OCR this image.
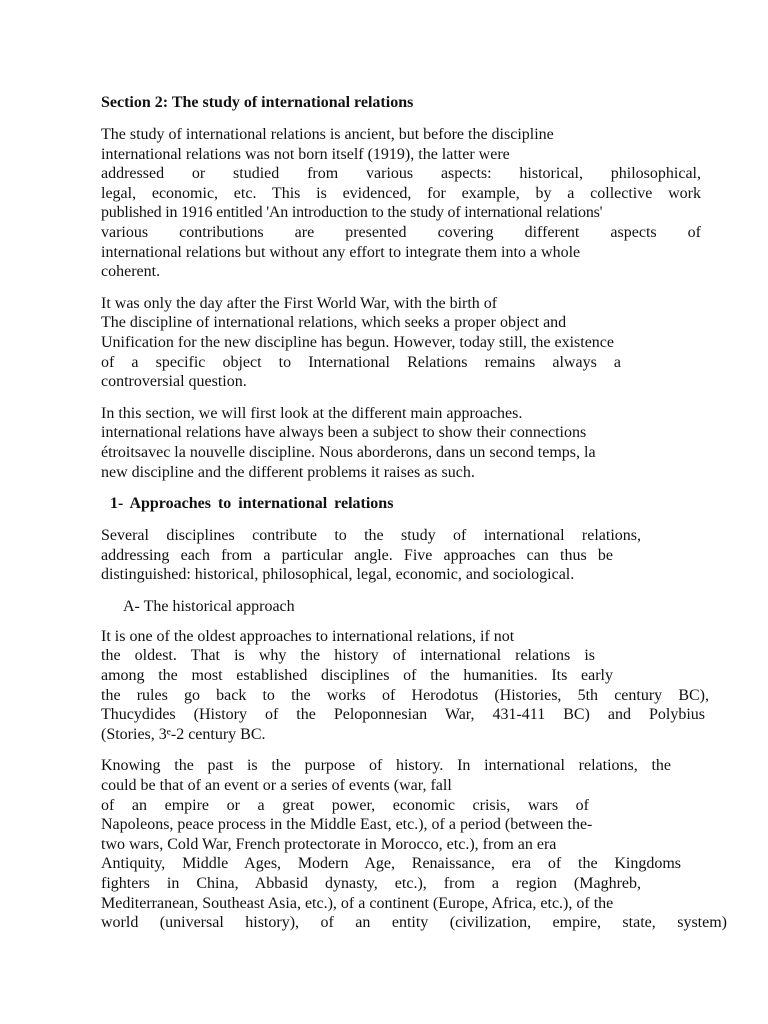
Section 2: The study of international relations
The study of international relations is ancient, but before the discipline
international relations was not born itself (1919), the latter were
addressed or studied from various aspects: historical, philosophical,
legal, economic, etc. This is evidenced, for example, by a collective work
published in 1916 entitled 'An introduction to the study of international relations'
various contributions are presented covering different aspects of
international relations but without any effort to integrate them into a whole
coherent.
It was only the day after the First World War, with the birth of
The discipline of international relations, which seeks a proper object and
Unification for the new discipline has begun. However, today still, the existence
of a specific object to International Relations remains always a
controversial question.
In this section, we will first look at the different main approaches.
international relations have always been a subject to show their connections
étroitsavec la nouvelle discipline. Nous aborderons, dans un second temps, la
new discipline and the different problems it raises as such.
1- Approaches to international relations
Several disciplines contribute to the study of international relations,
addressing each from a particular angle. Five approaches can thus be
distinguished: historical, philosophical, legal, economic, and sociological.
A- The historical approach
It is one of the oldest approaches to international relations, if not
the oldest. That is why the history of international relations is
among the most established disciplines of the humanities. Its early
the rules go back to the works of Herodotus (Histories, 5th century BC),
Thucydides (History of the Peloponnesian War, 431-411 BC) and Polybius
(Stories, 3ᵉ-2 century BC.
Knowing the past is the purpose of history. In international relations, the
could be that of an event or a series of events (war, fall
of an empire or a great power, economic crisis, wars of
Napoleons, peace process in the Middle East, etc.), of a period (between the-
two wars, Cold War, French protectorate in Morocco, etc.), from an era
Antiquity, Middle Ages, Modern Age, Renaissance, era of the Kingdoms
fighters in China, Abbasid dynasty, etc.), from a region (Maghreb,
Mediterranean, Southeast Asia, etc.), of a continent (Europe, Africa, etc.), of the
world (universal history), of an entity (civilization, empire, state, system)
